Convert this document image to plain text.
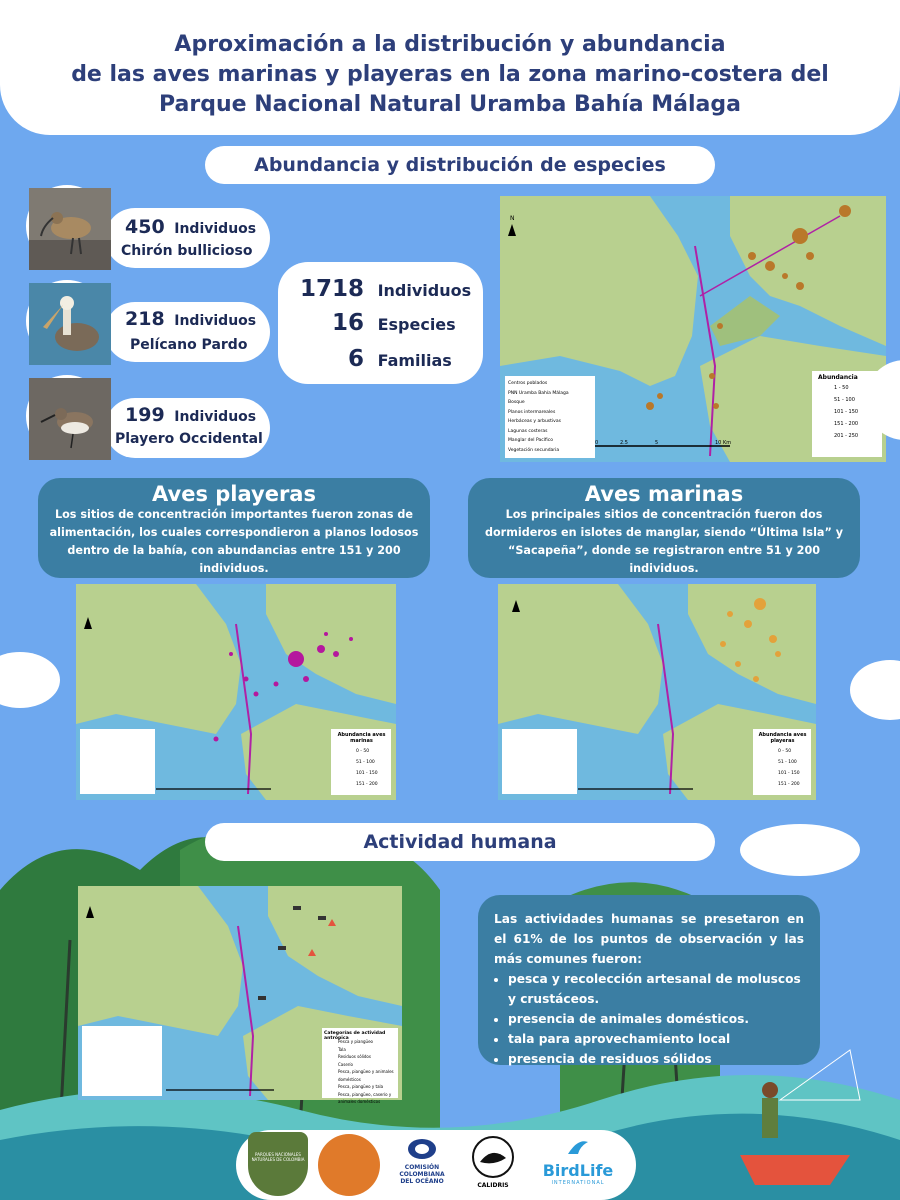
Aproximación a la distribución y abundancia
de las aves marinas y playeras en la zona marino-costera del
Parque Nacional Natural Uramba Bahía Málaga
Abundancia y distribución de especies
450 Individuos
Chirón bullicioso
218 Individuos
Pelícano Pardo
199 Individuos
Playero Occidental
1718 Individuos
16 Especies
6 Familias
N
Abundancia
1 - 50
51 - 100
101 - 150
151 - 200
201 - 250
Centros poblados
PNN Uramba Bahía Málaga
Bosque
Planos intermareales
Herbáceas y arbustivas
Lagunas costeras
Manglar del Pacífico
Vegetación secundaria
0	2.5	5	10 Km
Aves playeras
Los sitios de concentración importantes fueron zonas de alimentación, los cuales correspondieron a planos lodosos dentro de la bahía, con abundancias entre 151 y 200 individuos.
Aves marinas
Los principales sitios de concentración fueron dos dormideros en islotes de manglar, siendo “Última Isla” y “Sacapeña”, donde se registraron entre 51 y 200 individuos.
Abundancia aves marinas
0 - 50
51 - 100
101 - 150
151 - 200
Abundancia aves playeras
0 - 50
51 - 100
101 - 150
151 - 200
Actividad humana
Categorías de actividad antrópica
Pesca y piangüeo
Tala
Residuos sólidos
Caserío
Pesca, piangüeo y animales domésticos
Pesca, piangüeo y tala
Pesca, piangüeo, caserío y animales domésticos
Las actividades humanas se presetaron en el 61% de los puntos de observación y las más comunes fueron:
• pesca y recolección artesanal de moluscos y crustáceos.
• presencia de animales domésticos.
• tala para aprovechamiento local
• presencia de residuos sólidos
PARQUES NACIONALES NATURALES DE COLOMBIA
COMISIÓN
COLOMBIANA
DEL OCÉANO
CALIDRIS
BirdLife
INTERNATIONAL
